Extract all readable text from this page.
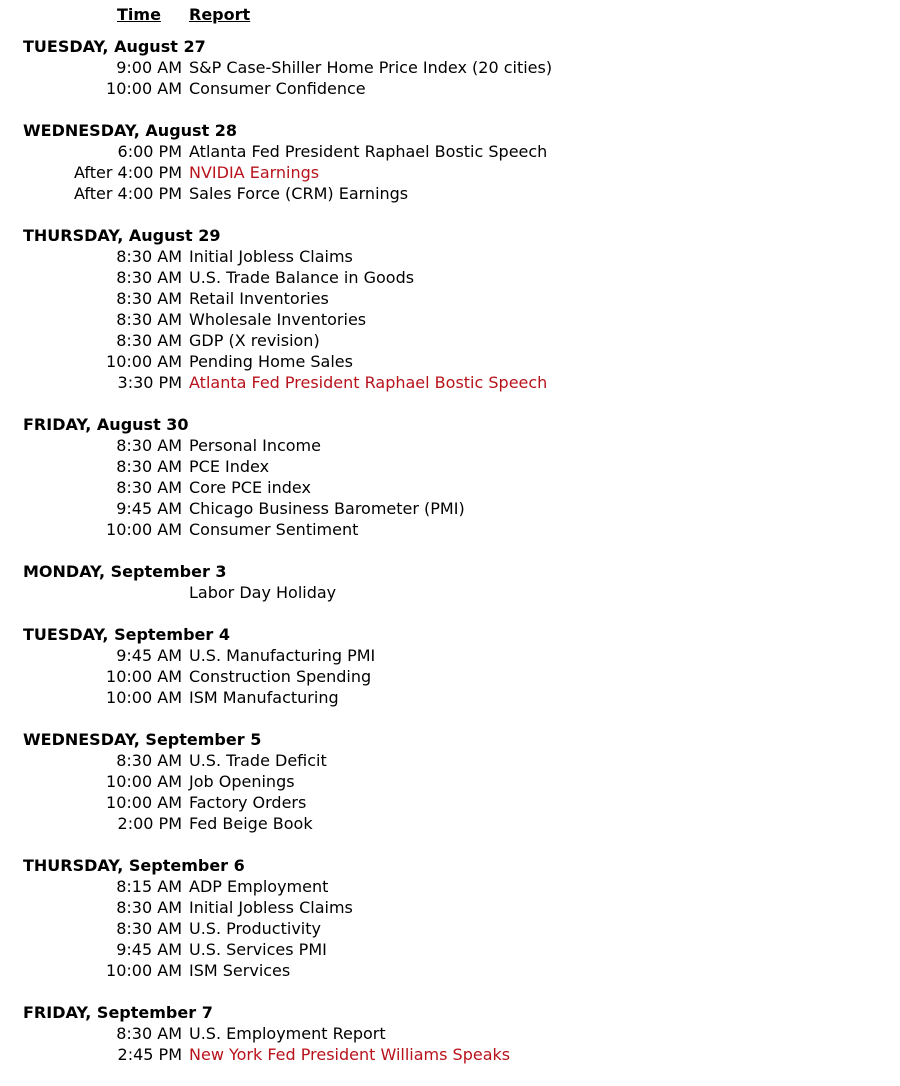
Time	Report
TUESDAY, August 27
9:00 AM S&P Case-Shiller Home Price Index (20 cities)
10:00 AM Consumer Confidence
WEDNESDAY, August 28
6:00 PM Atlanta Fed President Raphael Bostic Speech
After 4:00 PM NVIDIA Earnings
After 4:00 PM Sales Force (CRM) Earnings
THURSDAY, August 29
8:30 AM Initial Jobless Claims
8:30 AM U.S. Trade Balance in Goods
8:30 AM Retail Inventories
8:30 AM Wholesale Inventories
8:30 AM GDP (X revision)
10:00 AM Pending Home Sales
3:30 PM Atlanta Fed President Raphael Bostic Speech
FRIDAY, August 30
8:30 AM Personal Income
8:30 AM PCE Index
8:30 AM Core PCE index
9:45 AM Chicago Business Barometer (PMI)
10:00 AM Consumer Sentiment
MONDAY, September 3
Labor Day Holiday
TUESDAY, September 4
9:45 AM U.S. Manufacturing PMI
10:00 AM Construction Spending
10:00 AM ISM Manufacturing
WEDNESDAY, September 5
8:30 AM U.S. Trade Deficit
10:00 AM Job Openings
10:00 AM Factory Orders
2:00 PM Fed Beige Book
THURSDAY, September 6
8:15 AM ADP Employment
8:30 AM Initial Jobless Claims
8:30 AM U.S. Productivity
9:45 AM U.S. Services PMI
10:00 AM ISM Services
FRIDAY, September 7
8:30 AM U.S. Employment Report
2:45 PM New York Fed President Williams Speaks
